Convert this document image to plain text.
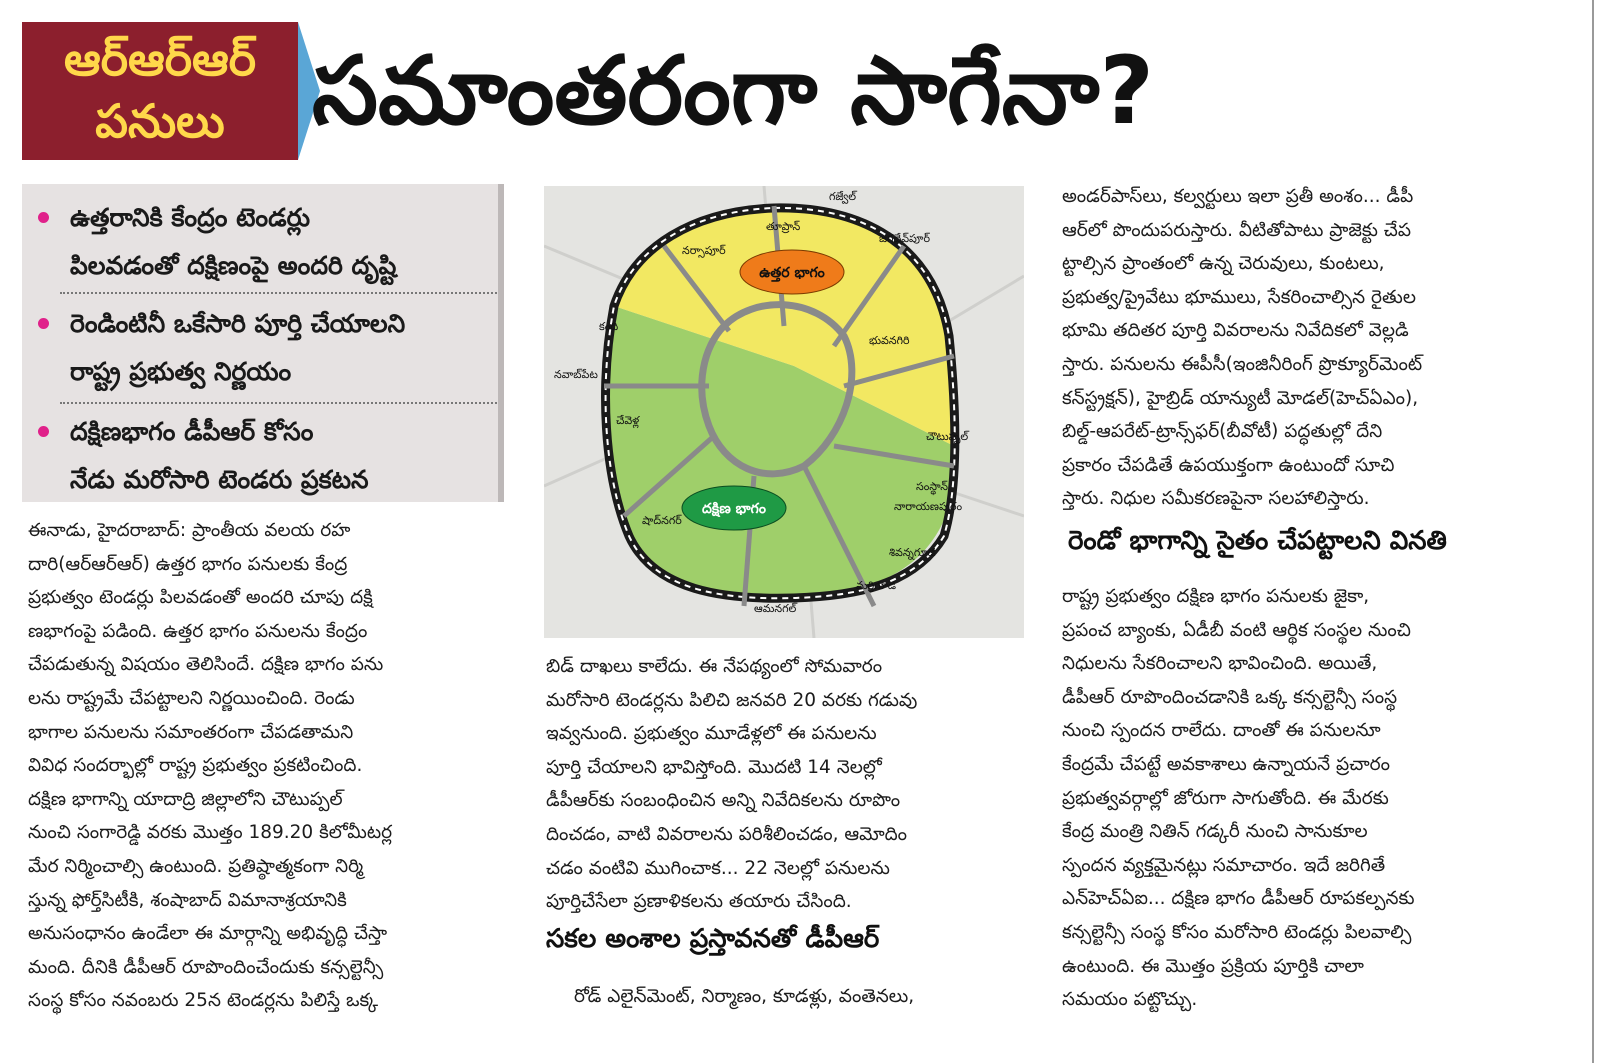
ఆర్‌ఆర్‌ఆర్‌
పనులు సమాంతరంగా సాగేనా?
ఉత్తరానికి కేంద్రం టెండర్లు
పిలవడంతో దక్షిణంపై అందరి దృష్టి
రెండింటినీ ఒకేసారి పూర్తి చేయాలని
రాష్ట్ర ప్రభుత్వ నిర్ణయం
దక్షిణభాగం డీపీఆర్‌ కోసం
నేడు మరోసారి టెండరు ప్రకటన

ఈనాడు, హైదరాబాద్‌: ప్రాంతీయ వలయ రహ

దారి(ఆర్‌ఆర్‌ఆర్‌) ఉత్తర భాగం పనులకు కేంద్ర

ప్రభుత్వం టెండర్లు పిలవడంతో అందరి చూపు దక్షి

ణభాగంపై పడింది. ఉత్తర భాగం పనులను కేంద్రం

చేపడుతున్న విషయం తెలిసిందే. దక్షిణ భాగం పను

లను రాష్ట్రమే చేపట్టాలని నిర్ణయించింది. రెండు

భాగాల పనులను సమాంతరంగా చేపడతామని

వివిధ సందర్భాల్లో రాష్ట్ర ప్రభుత్వం ప్రకటించింది.

దక్షిణ భాగాన్ని యాదాద్రి జిల్లాలోని చౌటుప్పల్‌

నుంచి సంగారెడ్డి వరకు మొత్తం 189.20 కిలోమీటర్ల

మేర నిర్మించాల్సి ఉంటుంది. ప్రతిష్ఠాత్మకంగా నిర్మి

స్తున్న ఫోర్త్‌సిటీకి, శంషాబాద్‌ విమానాశ్రయానికి

అనుసంధానం ఉండేలా ఈ మార్గాన్ని అభివృద్ధి చేస్తా

మంది. దీనికి డీపీఆర్‌ రూపొందించేందుకు కన్సల్టెన్సీ

సంస్థ కోసం నవంబరు 25న టెండర్లను పిలిస్తే ఒక్క

ఉత్తర భాగం
దక్షిణ భాగం
గజ్వేల్‌
తూప్రాన్‌
జగదేవ్‌పూర్‌
నర్సాపూర్‌
కంది
భువనగిరి
నవాబ్‌పేట
చేవెళ్ల
చౌటుప్పల్‌
సంస్థాన్‌
నారాయణపురం
షాద్‌నగర్‌
శివన్నగూడ
మర్రిగూడ
ఆమనగల్‌

బిడ్‌ దాఖలు కాలేదు. ఈ నేపథ్యంలో సోమవారం

మరోసారి టెండర్లను పిలిచి జనవరి 20 వరకు గడువు

ఇవ్వనుంది. ప్రభుత్వం మూడేళ్లలో ఈ పనులను

పూర్తి చేయాలని భావిస్తోంది. మొదటి 14 నెలల్లో

డీపీఆర్‌కు సంబంధించిన అన్ని నివేదికలను రూపొం

దించడం, వాటి వివరాలను పరిశీలించడం, ఆమోదిం

చడం వంటివి ముగించాక... 22 నెలల్లో పనులను

పూర్తిచేసేలా ప్రణాళికలను తయారు చేసింది.

సకల అంశాల ప్రస్తావనతో డీపీఆర్‌

రోడ్‌ ఎలైన్‌మెంట్‌, నిర్మాణం, కూడళ్లు, వంతెనలు,

అండర్‌పాస్‌లు, కల్వర్టులు ఇలా ప్రతీ అంశం... డీపీ

ఆర్‌లో పొందుపరుస్తారు. వీటితోపాటు ప్రాజెక్టు చేప

ట్టాల్సిన ప్రాంతంలో ఉన్న చెరువులు, కుంటలు,

ప్రభుత్వ/ప్రైవేటు భూములు, సేకరించాల్సిన రైతుల

భూమి తదితర పూర్తి వివరాలను నివేదికలో వెల్లడి

స్తారు. పనులను ఈపీసీ(ఇంజినీరింగ్‌ ప్రొక్యూర్‌మెంట్‌

కన్‌స్ట్రక్షన్‌), హైబ్రిడ్‌ యాన్యుటీ మోడల్‌(హెచ్‌ఏఎం),

బిల్డ్‌-ఆపరేట్‌-ట్రాన్స్‌ఫర్‌(బీవోటీ) పద్ధతుల్లో దేని

ప్రకారం చేపడితే ఉపయుక్తంగా ఉంటుందో సూచి

స్తారు. నిధుల సమీకరణపైనా సలహాలిస్తారు.

రెండో భాగాన్ని సైతం చేపట్టాలని వినతి

రాష్ట్ర ప్రభుత్వం దక్షిణ భాగం పనులకు జైకా,

ప్రపంచ బ్యాంకు, ఏడీబీ వంటి ఆర్థిక సంస్థల నుంచి

నిధులను సేకరించాలని భావించింది. అయితే,

డీపీఆర్‌ రూపొందించడానికి ఒక్క కన్సల్టెన్సీ సంస్థ

నుంచి స్పందన రాలేదు. దాంతో ఈ పనులనూ

కేంద్రమే చేపట్టే అవకాశాలు ఉన్నాయనే ప్రచారం

ప్రభుత్వవర్గాల్లో జోరుగా సాగుతోంది. ఈ మేరకు

కేంద్ర మంత్రి నితిన్‌ గడ్కరీ నుంచి సానుకూల

స్పందన వ్యక్తమైనట్లు సమాచారం. ఇదే జరిగితే

ఎన్‌హెచ్‌ఏఐ... దక్షిణ భాగం డీపీఆర్‌ రూపకల్పనకు

కన్సల్టెన్సీ సంస్థ కోసం మరోసారి టెండర్లు పిలవాల్సి

ఉంటుంది. ఈ మొత్తం ప్రక్రియ పూర్తికి చాలా

సమయం పట్టొచ్చు.
